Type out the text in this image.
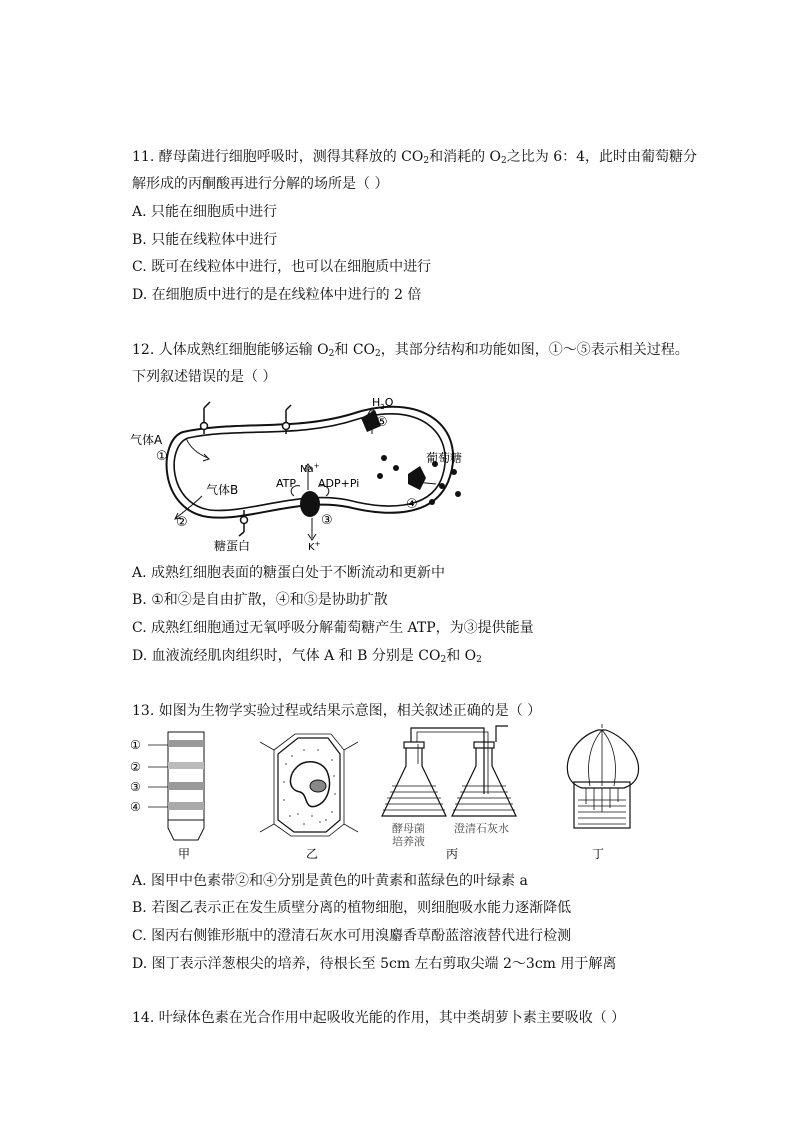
11. 酵母菌进行细胞呼吸时，测得其释放的 $CO_2$和消耗的 $O_2$之比为 6：4，此时由葡萄糖分
解形成的丙酮酸再进行分解的场所是（ ）
A. 只能在细胞质中进行
B. 只能在线粒体中进行
C. 既可在线粒体中进行，也可以在细胞质中进行
D. 在细胞质中进行的是在线粒体中进行的 2 倍
12. 人体成熟红细胞能够运输 $O_2$和 $CO_2$，其部分结构和功能如图，①～⑤表示相关过程。
下列叙述错误的是（ ）
$H_2O$
⑤
气体A
①
Na+
ATP ADP+Pi
葡萄糖
气体B
④
②	③
K+
糖蛋白
A. 成熟红细胞表面的糖蛋白处于不断流动和更新中
B. ①和②是自由扩散，④和⑤是协助扩散
C. 成熟红细胞通过无氧呼吸分解葡萄糖产生 ATP，为③提供能量
D. 血液流经肌肉组织时，气体 A 和 B 分别是 $CO_2$和 $O_2$
13. 如图为生物学实验过程或结果示意图，相关叙述正确的是（ ）
①
②
③
④
甲	乙
酵母菌
培养液
澄清石灰水
丙	丁
A. 图甲中色素带②和④分别是黄色的叶黄素和蓝绿色的叶绿素 a
B. 若图乙表示正在发生质壁分离的植物细胞，则细胞吸水能力逐渐降低
C. 图丙右侧锥形瓶中的澄清石灰水可用溴麝香草酚蓝溶液替代进行检测
D. 图丁表示洋葱根尖的培养，待根长至 5cm 左右剪取尖端 2～3cm 用于解离
14. 叶绿体色素在光合作用中起吸收光能的作用，其中类胡萝卜素主要吸收（ ）
